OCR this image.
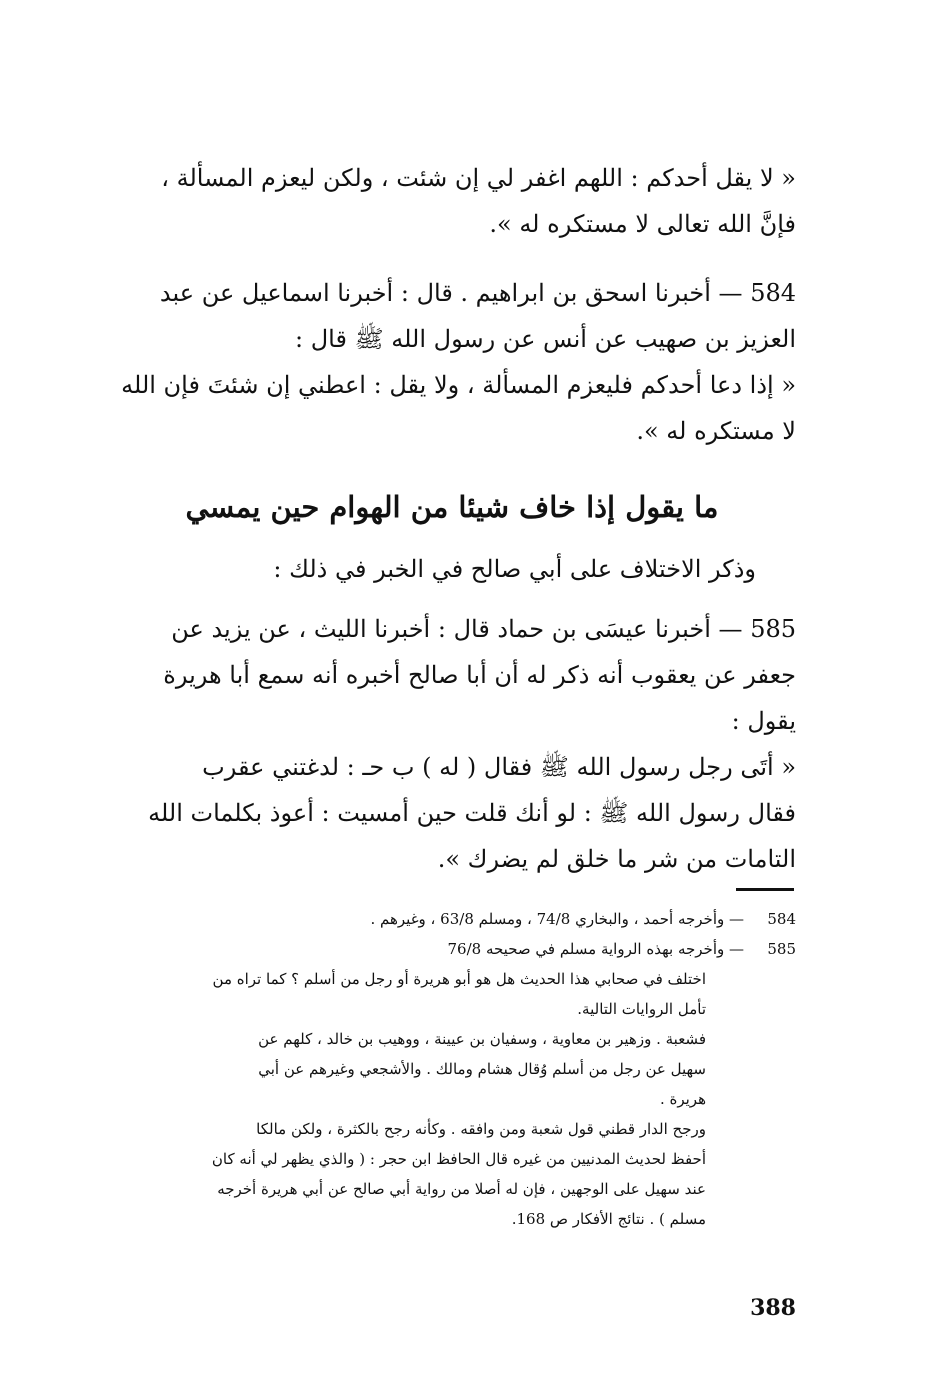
« لا يقل أحدكم : اللهم اغفر لي إن شئت ، ولكن ليعزم المسألة ،
فإنَّ الله تعالى لا مستكره له ».
584 — أخبرنا اسحق بن ابراهيم . قال : أخبرنا اسماعيل عن عبد
العزيز بن صهيب عن أنس عن رسول الله ﷺ قال :
« إذا دعا أحدكم فليعزم المسألة ، ولا يقل : اعطني إن شئتَ فإن الله
لا مستكره له ».
ما يقول إذا خاف شيئا من الهوام حين يمسي
وذكر الاختلاف على أبي صالح في الخبر في ذلك :
585 — أخبرنا عيسَى بن حماد قال : أخبرنا الليث ، عن يزيد عن
جعفر عن يعقوب أنه ذكر له أن أبا صالح أخبره أنه سمع أبا هريرة
يقول :
« أتَى رجل رسول الله ﷺ فقال ( له ) ب حـ : لدغتني عقرب
فقال رسول الله ﷺ : لو أنك قلت حين أمسيت : أعوذ بكلمات الله
التامات من شر ما خلق لم يضرك ».
584
— وأخرجه أحمد ، والبخاري 74/8 ، ومسلم 63/8 ، وغيرهم .
585
— وأخرجه بهذه الرواية مسلم في صحيحه 76/8
اختلف في صحابي هذا الحديث هل هو أبو هريرة أو رجل من أسلم ؟ كما تراه من
تأمل الروايات التالية.
فشعبة . وزهير بن معاوية ، وسفيان بن عيينة ، ووهيب بن خالد ، كلهم عن
سهيل عن رجل من أسلم وُقال هشام ومالك . والأشجعي وغيرهم عن أبي
هريرة .
ورجح الدار قطني قول شعبة ومن وافقه . وكأنه رجح بالكثرة ، ولكن مالكا
أحفظ لحديث المدنيين من غيره قال الحافظ ابن حجر : ( والذي يظهر لي أنه كان
عند سهيل على الوجهين ، فإن له أصلا من رواية أبي صالح عن أبي هريرة أخرجه
مسلم ) . نتائج الأفكار ص 168.
388
